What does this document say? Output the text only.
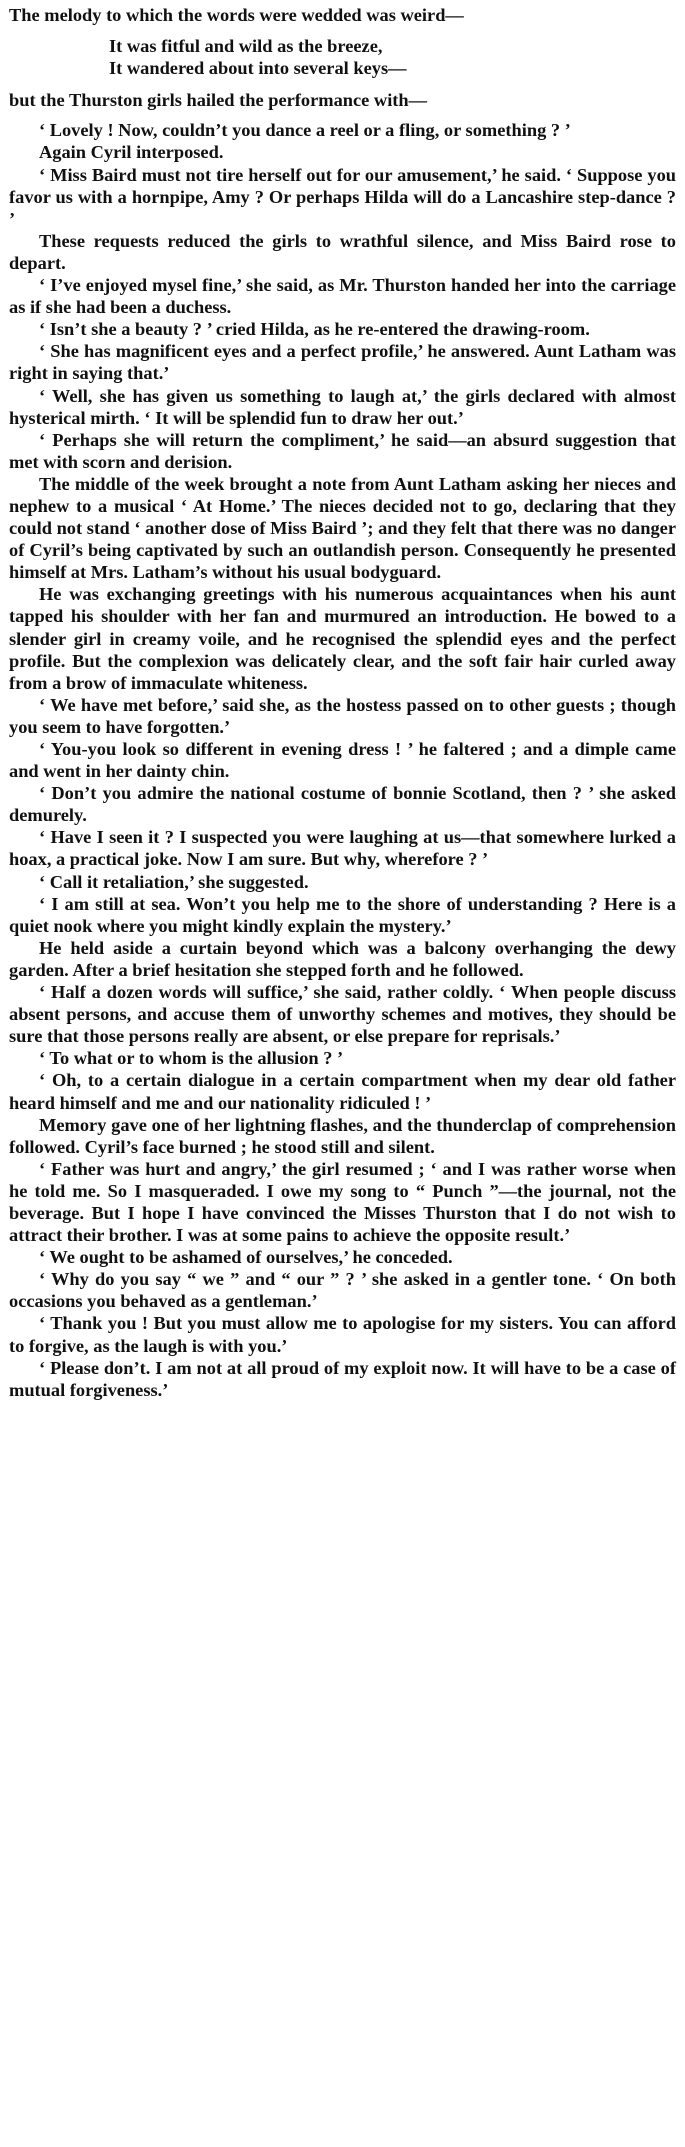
The melody to which the words were wedded was weird—

It was fitful and wild as the breeze,
It wandered about into several keys—

but the Thurston girls hailed the performance with—

‘ Lovely ! Now, couldn’t you dance a reel or a fling, or something ? ’

Again Cyril interposed.

‘ Miss Baird must not tire herself out for our amusement,’ he said. ‘ Suppose you favor us with a hornpipe, Amy ? Or perhaps Hilda will do a Lancashire step-dance ? ’

These requests reduced the girls to wrathful silence, and Miss Baird rose to depart.

‘ I’ve enjoyed mysel fine,’ she said, as Mr. Thurston handed her into the carriage as if she had been a duchess.

‘ Isn’t she a beauty ? ’ cried Hilda, as he re-entered the drawing-room.

‘ She has magnificent eyes and a perfect profile,’ he answered. Aunt Latham was right in saying that.’

‘ Well, she has given us something to laugh at,’ the girls declared with almost hysterical mirth. ‘ It will be splendid fun to draw her out.’

‘ Perhaps she will return the compliment,’ he said—an absurd suggestion that met with scorn and derision.

The middle of the week brought a note from Aunt Latham asking her nieces and nephew to a musical ‘ At Home.’ The nieces decided not to go, declaring that they could not stand ‘ another dose of Miss Baird ’; and they felt that there was no danger of Cyril’s being captivated by such an outlandish person. Consequently he presented himself at Mrs. Latham’s without his usual bodyguard.

He was exchanging greetings with his numerous acquaintances when his aunt tapped his shoulder with her fan and murmured an introduction. He bowed to a slender girl in creamy voile, and he recognised the splendid eyes and the perfect profile. But the complexion was delicately clear, and the soft fair hair curled away from a brow of immaculate whiteness.

‘ We have met before,’ said she, as the hostess passed on to other guests ; though you seem to have forgotten.’

‘ You-you look so different in evening dress ! ’ he faltered ; and a dimple came and went in her dainty chin.

‘ Don’t you admire the national costume of bonnie Scotland, then ? ’ she asked demurely.

‘ Have I seen it ? I suspected you were laughing at us—that somewhere lurked a hoax, a practical joke. Now I am sure. But why, wherefore ? ’

‘ Call it retaliation,’ she suggested.

‘ I am still at sea. Won’t you help me to the shore of understanding ? Here is a quiet nook where you might kindly explain the mystery.’

He held aside a curtain beyond which was a balcony overhanging the dewy garden. After a brief hesitation she stepped forth and he followed.

‘ Half a dozen words will suffice,’ she said, rather coldly. ‘ When people discuss absent persons, and accuse them of unworthy schemes and motives, they should be sure that those persons really are absent, or else prepare for reprisals.’

‘ To what or to whom is the allusion ? ’

‘ Oh, to a certain dialogue in a certain compartment when my dear old father heard himself and me and our nationality ridiculed ! ’

Memory gave one of her lightning flashes, and the thunderclap of comprehension followed. Cyril’s face burned ; he stood still and silent.

‘ Father was hurt and angry,’ the girl resumed ; ‘ and I was rather worse when he told me. So I masqueraded. I owe my song to “ Punch ”—the journal, not the beverage. But I hope I have convinced the Misses Thurston that I do not wish to attract their brother. I was at some pains to achieve the opposite result.’

‘ We ought to be ashamed of ourselves,’ he conceded.

‘ Why do you say “ we ” and “ our ” ? ’ she asked in a gentler tone. ‘ On both occasions you behaved as a gentleman.’

‘ Thank you ! But you must allow me to apologise for my sisters. You can afford to forgive, as the laugh is with you.’

‘ Please don’t. I am not at all proud of my exploit now. It will have to be a case of mutual forgiveness.’
